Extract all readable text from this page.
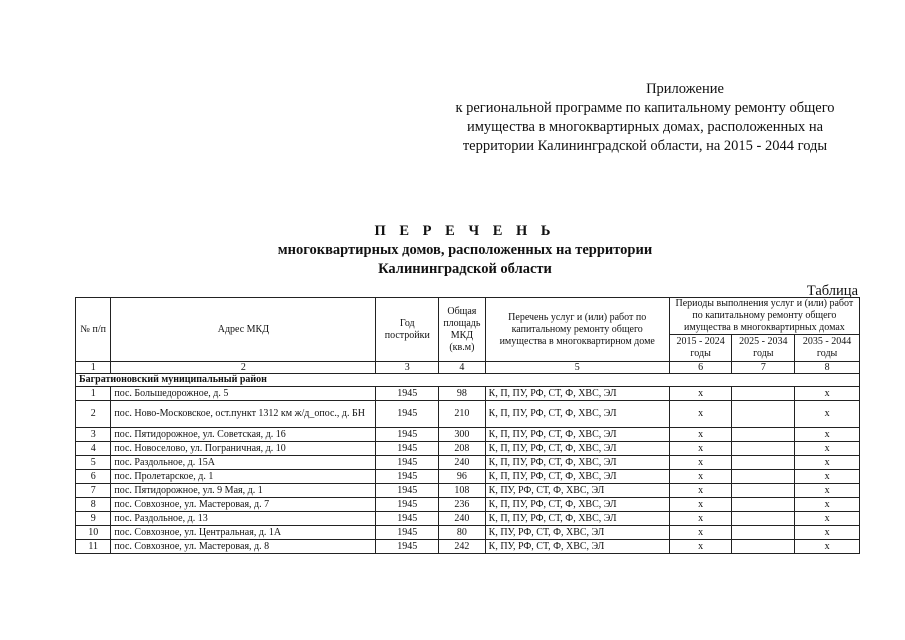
Приложение
к региональной программе по капитальному ремонту общего
имущества в многоквартирных домах, расположенных на
территории Калининградской области, на 2015 - 2044 годы
П Е Р Е Ч Е Н Ь
многоквартирных домов, расположенных на территории
Калининградской области
Таблица
№ п/п	Адрес МКД	Год постройки	Общая площадь МКД (кв.м)	Перечень услуг и (или) работ по капитальному ремонту общего имущества в многоквартирном доме	Периоды выполнения услуг и (или) работ по капитальному ремонту общего имущества в многоквартирных домах		
					2015 - 2024 годы	2025 - 2034 годы	2035 - 2044 годы
1	2	3	4	5	6	7	8
Багратионовский муниципальный район							
1	пос. Большедорожное, д. 5	1945	98	К, П, ПУ, РФ, СТ, Ф, ХВС, ЭЛ	х		х
2	пос. Ново-Московское, ост.пункт 1312 км ж/д_опос., д. БН	1945	210	К, П, ПУ, РФ, СТ, Ф, ХВС, ЭЛ	х		х
3	пос. Пятидорожное, ул. Советская, д. 16	1945	300	К, П, ПУ, РФ, СТ, Ф, ХВС, ЭЛ	х		х
4	пос. Новоселово, ул. Пограничная, д. 10	1945	208	К, П, ПУ, РФ, СТ, Ф, ХВС, ЭЛ	х		х
5	пос. Раздольное, д. 15А	1945	240	К, П, ПУ, РФ, СТ, Ф, ХВС, ЭЛ	х		х
6	пос. Пролетарское, д. 1	1945	96	К, П, ПУ, РФ, СТ, Ф, ХВС, ЭЛ	х		х
7	пос. Пятидорожное, ул. 9 Мая, д. 1	1945	108	К, ПУ, РФ, СТ, Ф, ХВС, ЭЛ	х		х
8	пос. Совхозное, ул. Мастеровая, д. 7	1945	236	К, П, ПУ, РФ, СТ, Ф, ХВС, ЭЛ	х		х
9	пос. Раздольное, д. 13	1945	240	К, П, ПУ, РФ, СТ, Ф, ХВС, ЭЛ	х		х
10	пос. Совхозное, ул. Центральная, д. 1А	1945	80	К, ПУ, РФ, СТ, Ф, ХВС, ЭЛ	х		х
11	пос. Совхозное, ул. Мастеровая, д. 8	1945	242	К, ПУ, РФ, СТ, Ф, ХВС, ЭЛ	х		х
